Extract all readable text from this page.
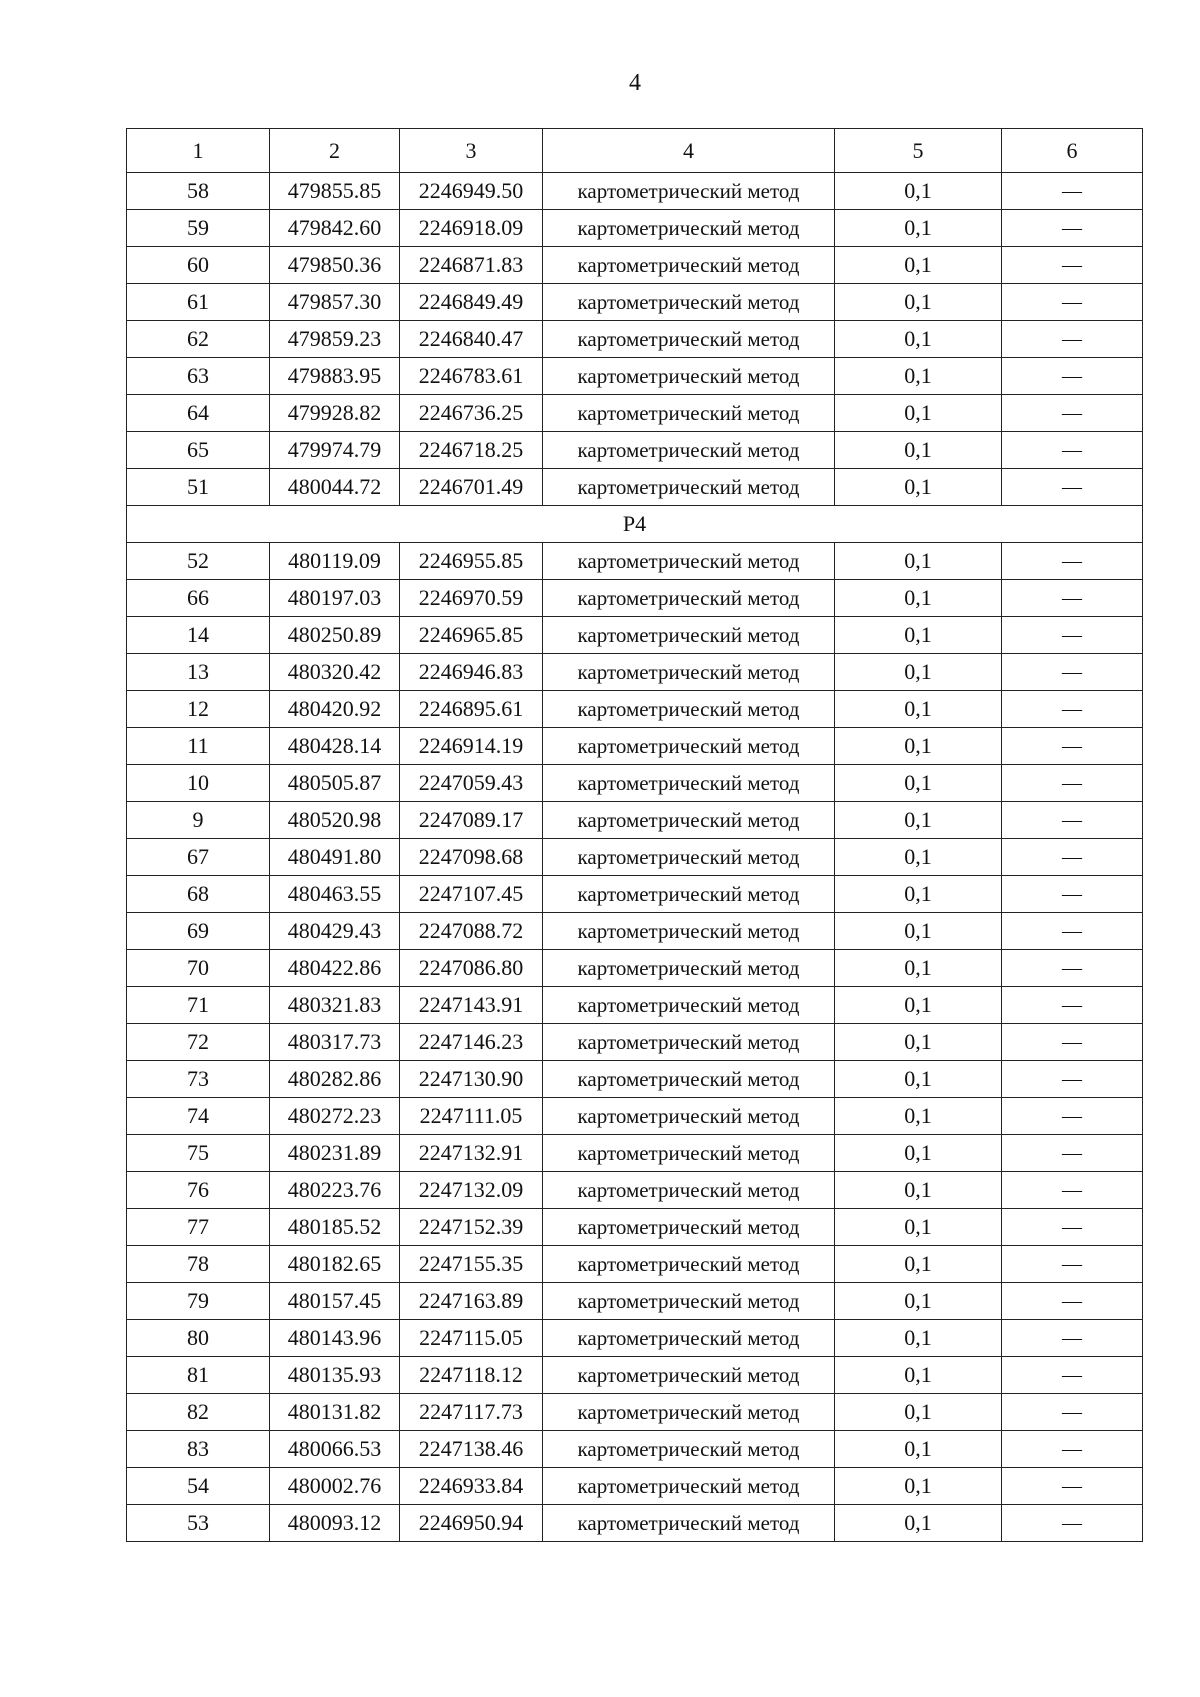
4
1	2	3	4	5	6
58	479855.85	2246949.50	картометрический метод	0,1	—
59	479842.60	2246918.09	картометрический метод	0,1	—
60	479850.36	2246871.83	картометрический метод	0,1	—
61	479857.30	2246849.49	картометрический метод	0,1	—
62	479859.23	2246840.47	картометрический метод	0,1	—
63	479883.95	2246783.61	картометрический метод	0,1	—
64	479928.82	2246736.25	картометрический метод	0,1	—
65	479974.79	2246718.25	картометрический метод	0,1	—
51	480044.72	2246701.49	картометрический метод	0,1	—
Р4					
52	480119.09	2246955.85	картометрический метод	0,1	—
66	480197.03	2246970.59	картометрический метод	0,1	—
14	480250.89	2246965.85	картометрический метод	0,1	—
13	480320.42	2246946.83	картометрический метод	0,1	—
12	480420.92	2246895.61	картометрический метод	0,1	—
11	480428.14	2246914.19	картометрический метод	0,1	—
10	480505.87	2247059.43	картометрический метод	0,1	—
9	480520.98	2247089.17	картометрический метод	0,1	—
67	480491.80	2247098.68	картометрический метод	0,1	—
68	480463.55	2247107.45	картометрический метод	0,1	—
69	480429.43	2247088.72	картометрический метод	0,1	—
70	480422.86	2247086.80	картометрический метод	0,1	—
71	480321.83	2247143.91	картометрический метод	0,1	—
72	480317.73	2247146.23	картометрический метод	0,1	—
73	480282.86	2247130.90	картометрический метод	0,1	—
74	480272.23	2247111.05	картометрический метод	0,1	—
75	480231.89	2247132.91	картометрический метод	0,1	—
76	480223.76	2247132.09	картометрический метод	0,1	—
77	480185.52	2247152.39	картометрический метод	0,1	—
78	480182.65	2247155.35	картометрический метод	0,1	—
79	480157.45	2247163.89	картометрический метод	0,1	—
80	480143.96	2247115.05	картометрический метод	0,1	—
81	480135.93	2247118.12	картометрический метод	0,1	—
82	480131.82	2247117.73	картометрический метод	0,1	—
83	480066.53	2247138.46	картометрический метод	0,1	—
54	480002.76	2246933.84	картометрический метод	0,1	—
53	480093.12	2246950.94	картометрический метод	0,1	—
